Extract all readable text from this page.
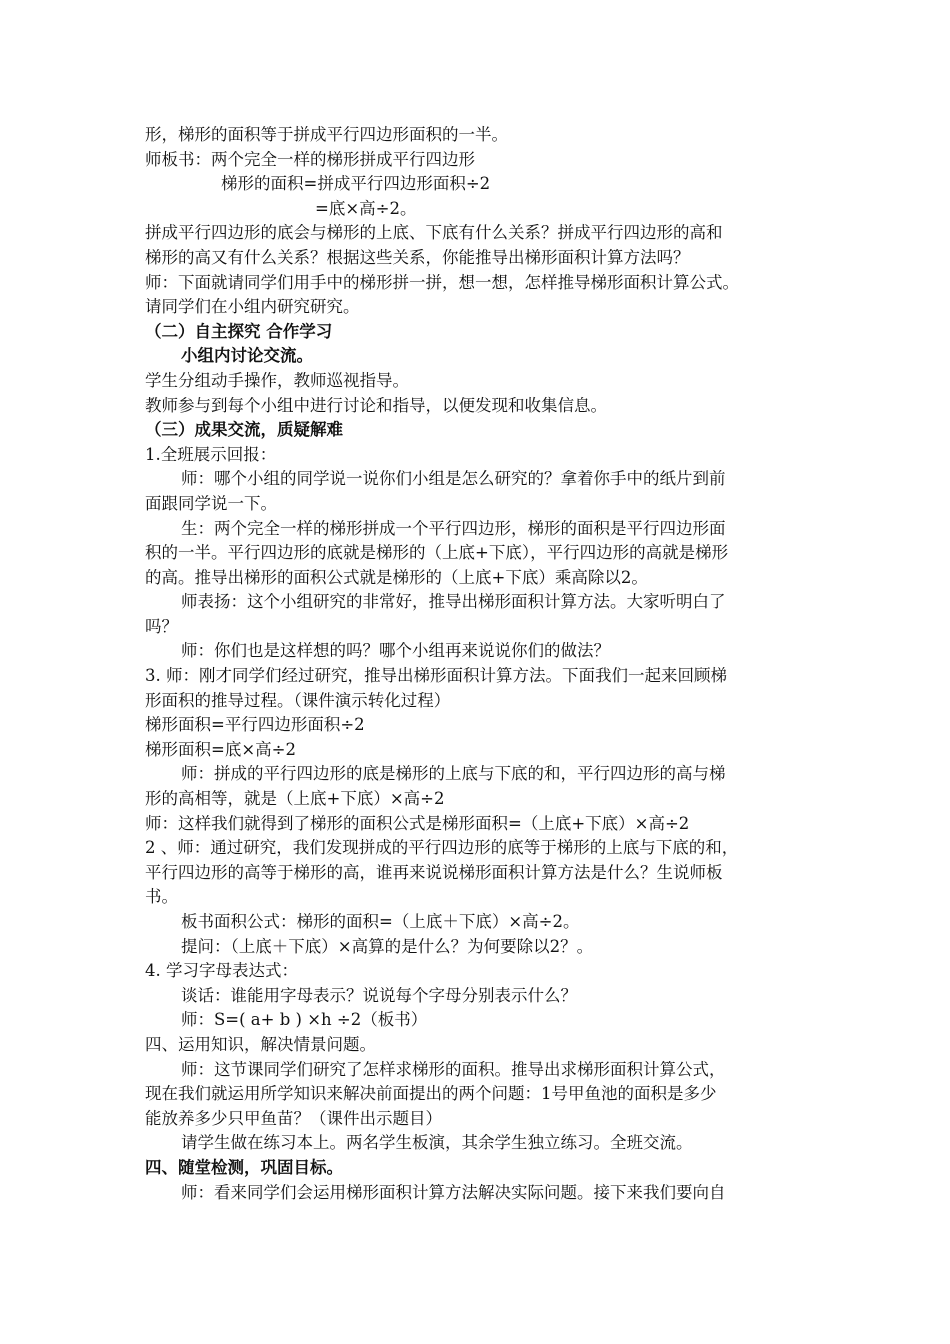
形，梯形的面积等于拼成平行四边形面积的一半。
师板书：两个完全一样的梯形拼成平行四边形
梯形的面积=拼成平行四边形面积÷2
=底×高÷2。
拼成平行四边形的底会与梯形的上底、下底有什么关系？拼成平行四边形的高和
梯形的高又有什么关系？根据这些关系，你能推导出梯形面积计算方法吗？
师：下面就请同学们用手中的梯形拼一拼，想一想，怎样推导梯形面积计算公式。
请同学们在小组内研究研究。
（二）自主探究 合作学习
小组内讨论交流。
学生分组动手操作，教师巡视指导。
教师参与到每个小组中进行讨论和指导，以便发现和收集信息。
（三）成果交流，质疑解难
1.全班展示回报：
师：哪个小组的同学说一说你们小组是怎么研究的？拿着你手中的纸片到前
面跟同学说一下。
生：两个完全一样的梯形拼成一个平行四边形，梯形的面积是平行四边形面
积的一半。平行四边形的底就是梯形的（上底+下底），平行四边形的高就是梯形
的高。推导出梯形的面积公式就是梯形的（上底+下底）乘高除以2。
师表扬：这个小组研究的非常好，推导出梯形面积计算方法。大家听明白了
吗？
师：你们也是这样想的吗？哪个小组再来说说你们的做法？
3. 师：刚才同学们经过研究，推导出梯形面积计算方法。下面我们一起来回顾梯
形面积的推导过程。（课件演示转化过程）
梯形面积=平行四边形面积÷2
梯形面积=底×高÷2
师：拼成的平行四边形的底是梯形的上底与下底的和，平行四边形的高与梯
形的高相等，就是（上底+下底）×高÷2
师：这样我们就得到了梯形的面积公式是梯形面积=（上底+下底）×高÷2
2 、师：通过研究，我们发现拼成的平行四边形的底等于梯形的上底与下底的和，
平行四边形的高等于梯形的高，谁再来说说梯形面积计算方法是什么？生说师板
书。
板书面积公式：梯形的面积=（上底＋下底）×高÷2。
提问：（上底＋下底）×高算的是什么？为何要除以2？。
4. 学习字母表达式：
谈话：谁能用字母表示？说说每个字母分别表示什么？
师：S=( a+ b ) ×h ÷2（板书）
四、运用知识，解决情景问题。
师：这节课同学们研究了怎样求梯形的面积。推导出求梯形面积计算公式，
现在我们就运用所学知识来解决前面提出的两个问题：1号甲鱼池的面积是多少
能放养多少只甲鱼苗？（课件出示题目）
请学生做在练习本上。两名学生板演，其余学生独立练习。全班交流。
四、随堂检测，巩固目标。
师：看来同学们会运用梯形面积计算方法解决实际问题。接下来我们要向自
